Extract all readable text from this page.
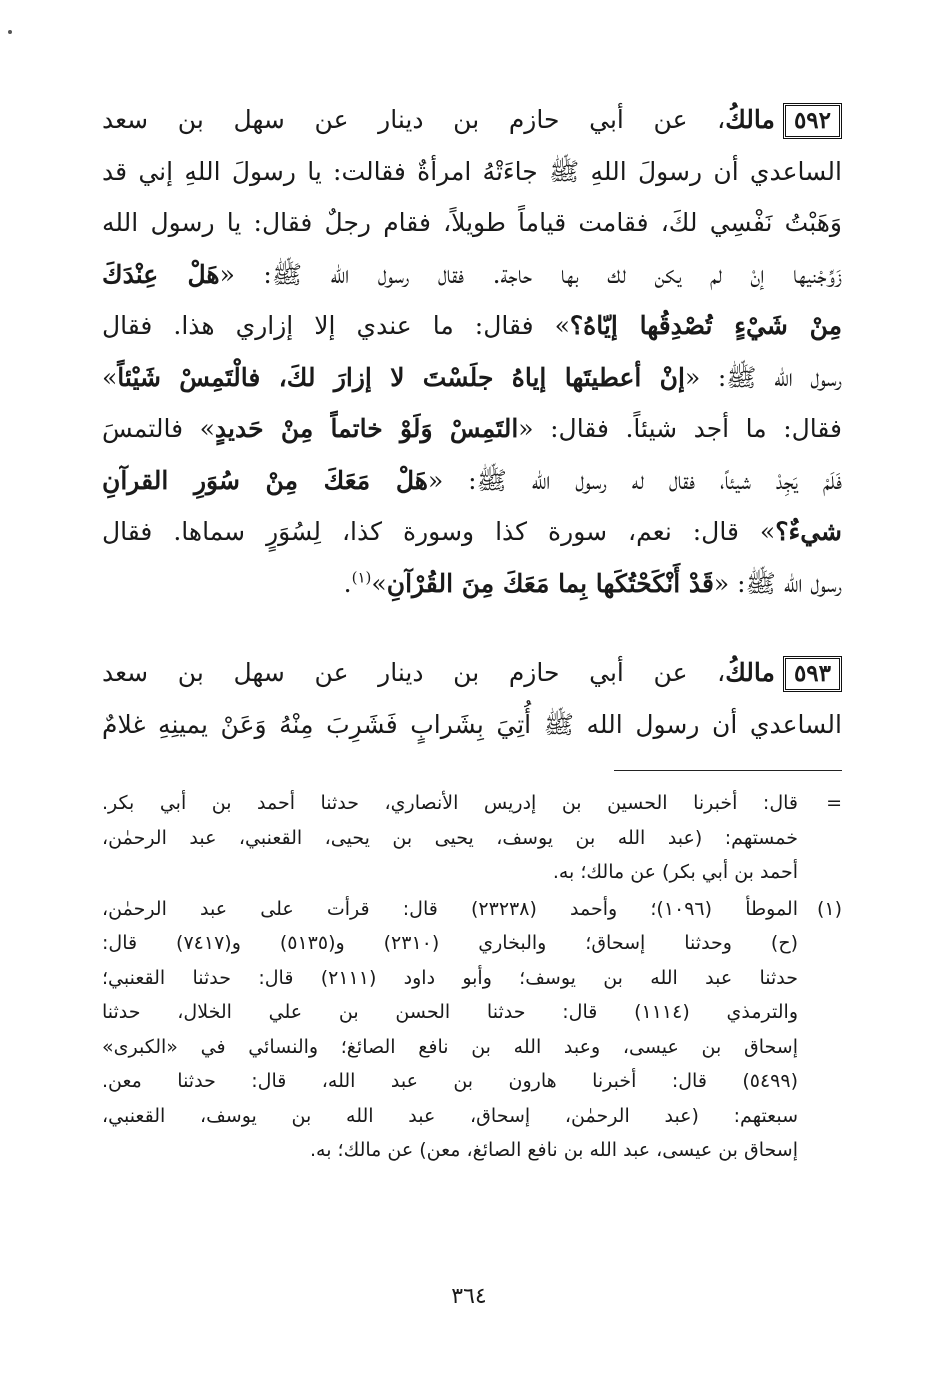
٥٩٢مالكُ، عن أبي حازم بن دينار عن سهل بن سعد

الساعدي أن رسولَ اللهِ ﷺ جاءَتْهُ امرأةٌ فقالت: يا رسولَ اللهِ إني قد

وَهَبْتُ نَفْسِي لكَ، فقامت قياماً طويلاً، فقام رجلٌ فقال: يا رسول الله

زَوِّجْنيها إنْ لم يكن لك بها حاجة. فقال رسول الله ﷺ: «هَلْ عِنْدَكَ

مِنْ شَيْءٍ تُصْدِقُها إيّاهُ؟» فقال: ما عندي إلا إزاري هذا. فقال

رسول الله ﷺ: «إنْ أعطيتَها إياهُ جلَسْتَ لا إزارَ لكَ، فالْتَمِسْ شَيْئاً»

فقال: ما أجد شيئاً. فقال: «التَمِسْ وَلَوْ خاتماً مِنْ حَديدٍ» فالتمسَ

فَلَمْ يَجِدْ شيئاً، فقال له رسول الله ﷺ: «هَلْ مَعَكَ مِنْ سُوَرِ القرآنِ

شيءٌ؟» قال: نعم، سورة كذا وسورة كذا، لِسُوَرٍ سماها. فقال

رسول الله ﷺ: «قَدْ أَنْكَحْتُكَها بِما مَعَكَ مِنَ القُرْآنِ»$^{(١)}$.

٥٩٣مالكُ، عن أبي حازم بن دينار عن سهل بن سعد

الساعدي أن رسول الله ﷺ أُتِيَ بِشَرابٍ فَشَرِبَ مِنْهُ وَعَنْ يمينِهِ غلامٌ

=
قال: أخبرنا الحسين بن إدريس الأنصاري، حدثنا أحمد بن أبي بكر.
خمستهم: (عبد الله بن يوسف، يحيى بن يحيى، القعنبي، عبد الرحمٰن،
أحمد بن أبي بكر) عن مالك؛ به.
(١)
الموطأ (١٠٩٦)؛ وأحمد (٢٣٢٣٨) قال: قرأت على عبد الرحمٰن،
(ح) وحدثنا إسحاق؛ والبخاري (٢٣١٠) و(٥١٣٥) و(٧٤١٧) قال:
حدثنا عبد الله بن يوسف؛ وأبو داود (٢١١١) قال: حدثنا القعنبي؛
والترمذي (١١١٤) قال: حدثنا الحسن بن علي الخلال، حدثنا
إسحاق بن عيسى، وعبد الله بن نافع الصائغ؛ والنسائي في «الكبرى»
(٥٤٩٩) قال: أخبرنا هارون بن عبد الله، قال: حدثنا معن.
سبعتهم: (عبد الرحمٰن، إسحاق، عبد الله بن يوسف، القعنبي،
إسحاق بن عيسى، عبد الله بن نافع الصائغ، معن) عن مالك؛ به.
٣٦٤
